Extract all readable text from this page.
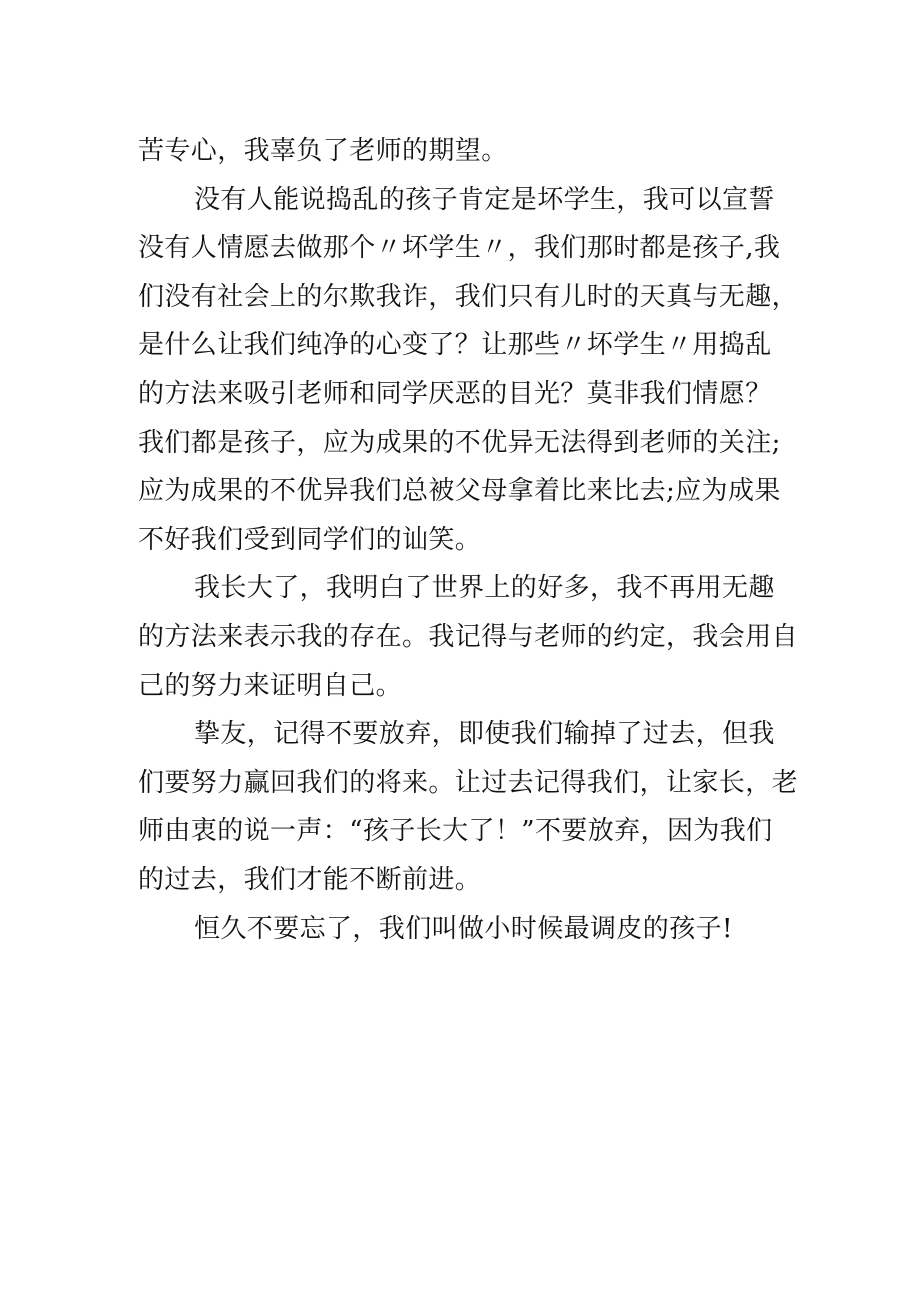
苦专心，我辜负了老师的期望。
没有人能说捣乱的孩子肯定是坏学生，我可以宣誓
没有人情愿去做那个〃坏学生〃，我们那时都是孩子,我
们没有社会上的尔欺我诈，我们只有儿时的天真与无趣，
是什么让我们纯净的心变了？让那些〃坏学生〃用捣乱
的方法来吸引老师和同学厌恶的目光？莫非我们情愿？
我们都是孩子，应为成果的不优异无法得到老师的关注;
应为成果的不优异我们总被父母拿着比来比去;应为成果
不好我们受到同学们的讪笑。
我长大了，我明白了世界上的好多，我不再用无趣
的方法来表示我的存在。我记得与老师的约定，我会用自
己的努力来证明自己。
挚友，记得不要放弃，即使我们输掉了过去，但我
们要努力赢回我们的将来。让过去记得我们，让家长，老
师由衷的说一声：“孩子长大了！”不要放弃，因为我们
的过去，我们才能不断前进。
恒久不要忘了，我们叫做小时候最调皮的孩子!
